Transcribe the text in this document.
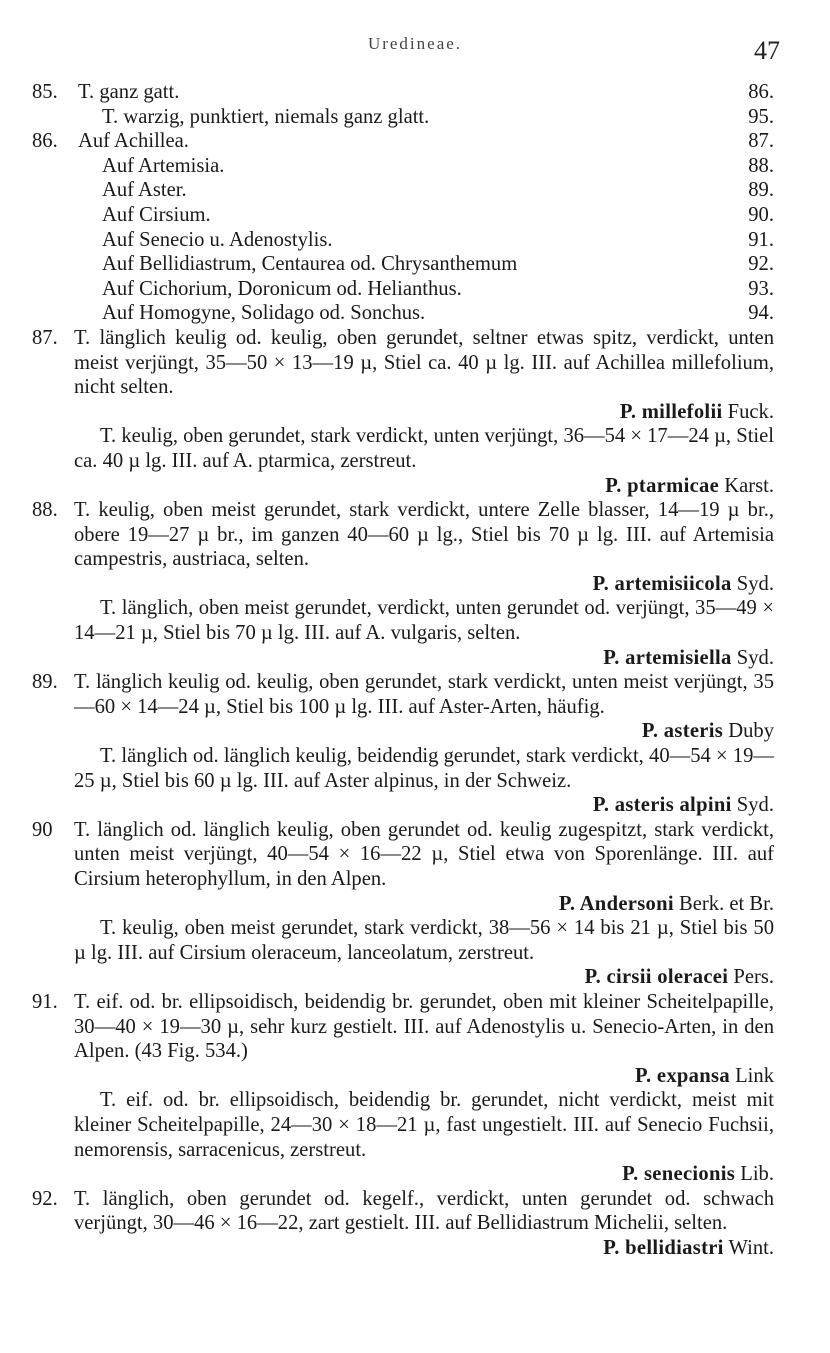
Uredineae.	47
85. T. ganz gatt.	86.
T. warzig, punktiert, niemals ganz glatt.	95.
86. Auf Achillea.	87.
Auf Artemisia.	88.
Auf Aster.	89.
Auf Cirsium.	90.
Auf Senecio u. Adenostylis.	91.
Auf Bellidiastrum, Centaurea od. Chrysanthemum	92.
Auf Cichorium, Doronicum od. Helianthus.	93.
Auf Homogyne, Solidago od. Sonchus.	94.
87. T. länglich keulig od. keulig, oben gerundet, seltner etwas spitz, verdickt, unten meist verjüngt, 35—50 × 13—19 µ, Stiel ca. 40 µ lg. III. auf Achillea millefolium, nicht selten.
P. millefolii Fuck.
T. keulig, oben gerundet, stark verdickt, unten verjüngt, 36—54 × 17—24 µ, Stiel ca. 40 µ lg. III. auf A. ptarmica, zerstreut.
P. ptarmicae Karst.
88. T. keulig, oben meist gerundet, stark verdickt, untere Zelle blasser, 14—19 µ br., obere 19—27 µ br., im ganzen 40—60 µ lg., Stiel bis 70 µ lg. III. auf Artemisia campestris, austriaca, selten.
P. artemisiicola Syd.
T. länglich, oben meist gerundet, verdickt, unten gerundet od. verjüngt, 35—49 × 14—21 µ, Stiel bis 70 µ lg. III. auf A. vulgaris, selten.
P. artemisiella Syd.
89. T. länglich keulig od. keulig, oben gerundet, stark verdickt, unten meist verjüngt, 35—60 × 14—24 µ, Stiel bis 100 µ lg. III. auf Aster-Arten, häufig.
P. asteris Duby
T. länglich od. länglich keulig, beidendig gerundet, stark verdickt, 40—54 × 19—25 µ, Stiel bis 60 µ lg. III. auf Aster alpinus, in der Schweiz.
P. asteris alpini Syd.
90 T. länglich od. länglich keulig, oben gerundet od. keulig zugespitzt, stark verdickt, unten meist verjüngt, 40—54 × 16—22 µ, Stiel etwa von Sporenlänge. III. auf Cirsium heterophyllum, in den Alpen.
P. Andersoni Berk. et Br.
T. keulig, oben meist gerundet, stark verdickt, 38—56 × 14 bis 21 µ, Stiel bis 50 µ lg. III. auf Cirsium oleraceum, lanceolatum, zerstreut.
P. cirsii oleracei Pers.
91. T. eif. od. br. ellipsoidisch, beidendig br. gerundet, oben mit kleiner Scheitelpapille, 30—40 × 19—30 µ, sehr kurz gestielt. III. auf Adenostylis u. Senecio-Arten, in den Alpen. (43 Fig. 534.)
P. expansa Link
T. eif. od. br. ellipsoidisch, beidendig br. gerundet, nicht verdickt, meist mit kleiner Scheitelpapille, 24—30 × 18—21 µ, fast ungestielt. III. auf Senecio Fuchsii, nemorensis, sarracenicus, zerstreut.
P. senecionis Lib.
92. T. länglich, oben gerundet od. kegelf., verdickt, unten gerundet od. schwach verjüngt, 30—46 × 16—22, zart gestielt. III. auf Bellidiastrum Michelii, selten.
P. bellidiastri Wint.
